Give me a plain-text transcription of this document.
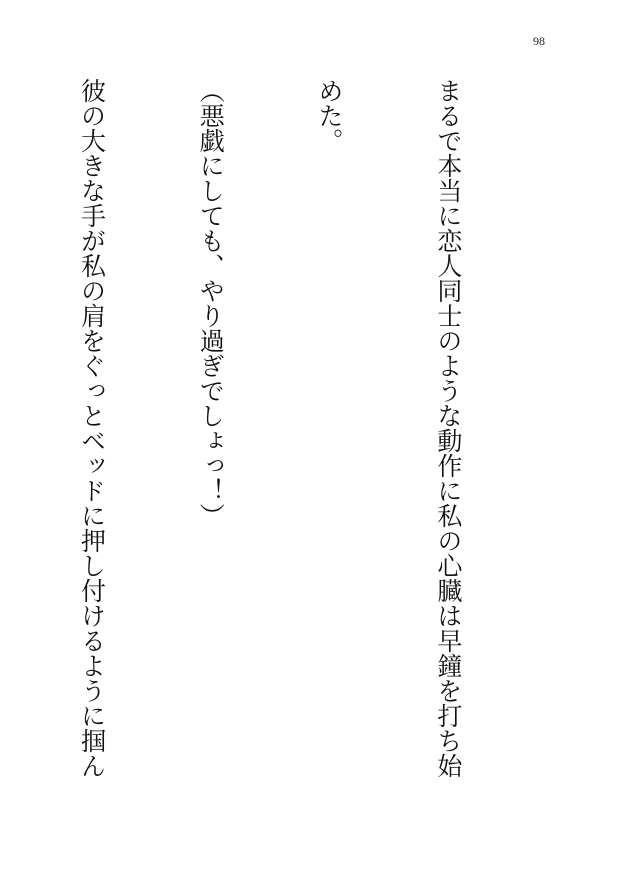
98

まるで本当に恋人同士のような動作に私の心臓は早鐘を打ち始

めた。

（悪戯にしても、やり過ぎでしょっ！）

彼の大きな手が私の肩をぐっとベッドに押し付けるように掴ん
